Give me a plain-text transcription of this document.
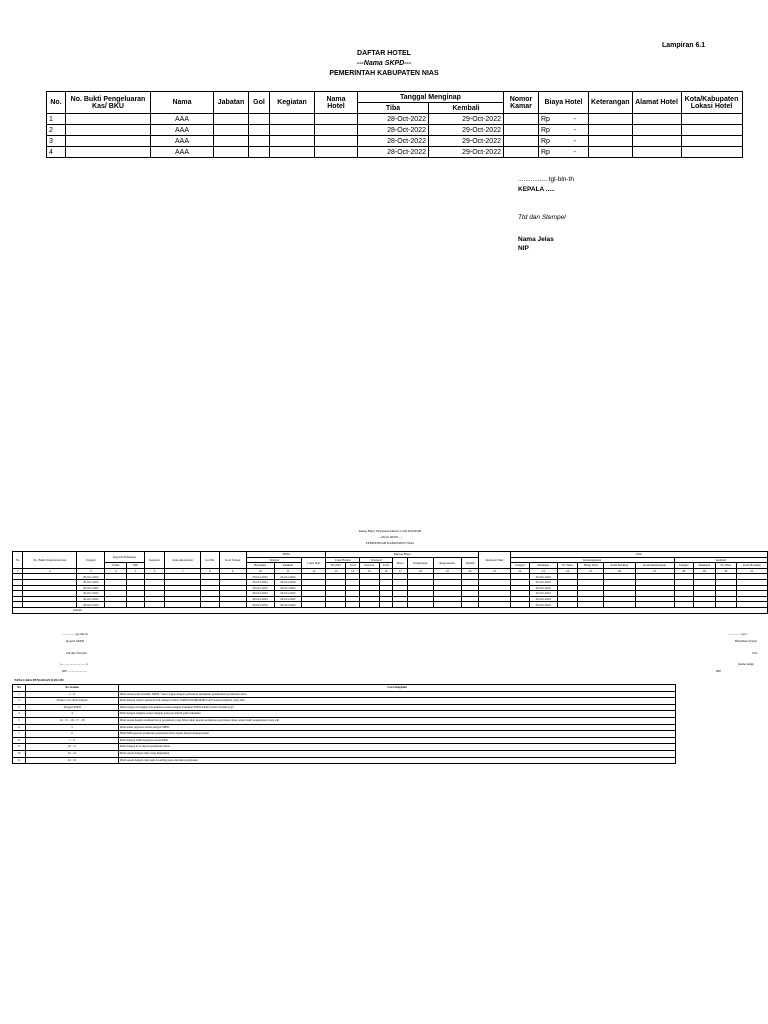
Lampiran 6.1
DAFTAR HOTEL
---Nama SKPD---
PEMERINTAH KABUPATEN NIAS
No.	No. Bukti Pengeluaran Kas/ BKU	Nama	Jabatan	Gol	Kegiatan	Nama Hotel	Tanggal Menginap		Nomor Kamar	Biaya Hotel	Keterangan	Alamat Hotel	Kota/Kabupaten Lokasi Hotel
							Tiba	Kembali					
1		AAA					28-Oct-2022	29-Oct-2022		Rp -			

2		AAA					28-Oct-2022	29-Oct-2022		Rp -			

3		AAA					28-Oct-2022	29-Oct-2022		Rp -			

4		AAA					28-Oct-2022	29-Oct-2022		Rp -			

................ tgl-bln-th
KEPALA .....
Ttd dan Stempel
Nama Jelas
NIP
Rekap Biaya Perjalanan Dinas LUAR DAERAH
---Nama SKPD ---
PEMERINTAH KABUPATEN NIAS
No	No. Bukti Pengeluaran Kas	Tanggal	Pegawai Pelaksana		Kegiatan	Jenis Akomodasi	Gol Pkt	Kota Tujuan	SPPD			Rincian Biaya								Realisasi Tiket	Tiket									
									Tanggal		Lama Hari	Uang Harian		Transport		Darat	Penginapan	Representasi	Jumlah		Keberangkatan						Kembali			
			Nama	NIP					Berangkat	Kembali		Per Hari	Total	Pesawat	Total						Tanggal	Maskapai	No Tiket	Harga Tiket	Kode Booking	Kode Penerbangan	Tanggal	Maskapai	No Tiket	Kode Booking
1	2	3	4	5	6	7	8	9	10	11	12	13	14	15	16	17	18	19	20	21	22	23	24	25	26	27	28	29	30	31
		29-Oct-2022							29-Oct-2022	29-Oct-2022												29-Oct-2022								
		29-Oct-2022							29-Oct-2022	29-Oct-2022												29-Oct-2022								
		29-Oct-2022							29-Oct-2022	29-Oct-2022												29-Oct-2022								
		29-Oct-2022							29-Oct-2022	29-Oct-2022												29-Oct-2022								
		29-Oct-2022							29-Oct-2022	29-Oct-2022												29-Oct-2022								
		29-Oct-2022							29-Oct-2022	29-Oct-2022												29-Oct-2022								
Jumlah																														
................ tgl-bln-th
Kepala SKPD
Ttd dan Stempel
(................................)
NIP ........................
................ tgl-1
Bendahara Pengl
Ttd/
(nama lengk
NIP
TATA CARA PENGISIAN KOLOM
No	No. Kolom	Cara Pengisian
1	1 - 11	Diisi sesuai pada formulir SPPD / Surat Tugas dengan perbedaan mengikuti pelaksanaan perjalanan dinas
2	Nomor, Gol, Kota Tujuan	Diisi dengan nomor sesuai kolom dengan format TAHUN/NOMOR/BULAN sesuai lampiran yang diisi
3	Tanggal SPPD	Diisi tanggal berangkat dan kembali sesuai dengan dokumen SPPD dalam format dd-mm-yyyy
4	4	Diisi dengan lengkap sesuai dengan yang tercantum pada dokumen
5	12 - 15 - 16 - 17 - 18	Diisi sesuai dengan realisasi biaya perjalanan yang dibayarkan kepada pelaksana perjalanan dinas sesuai bukti pengeluaran yang sah
6	5	Diisi nama pegawai sesuai dengan SPPD
7	6	Diisi NIP pegawai pelaksana perjalanan dinas sesuai dengan kepegawaian
8	7 - 9	Diisi dengan nama kegiatan sesuai DPA
9	10 - 11	Diisi dengan kota tujuan perjalanan dinas
10	19 - 21	Diisi sesuai dengan tiket yang digunakan
11	22 - 31	Diisi sesuai dengan data pada boarding pass atau tiket perjalanan
